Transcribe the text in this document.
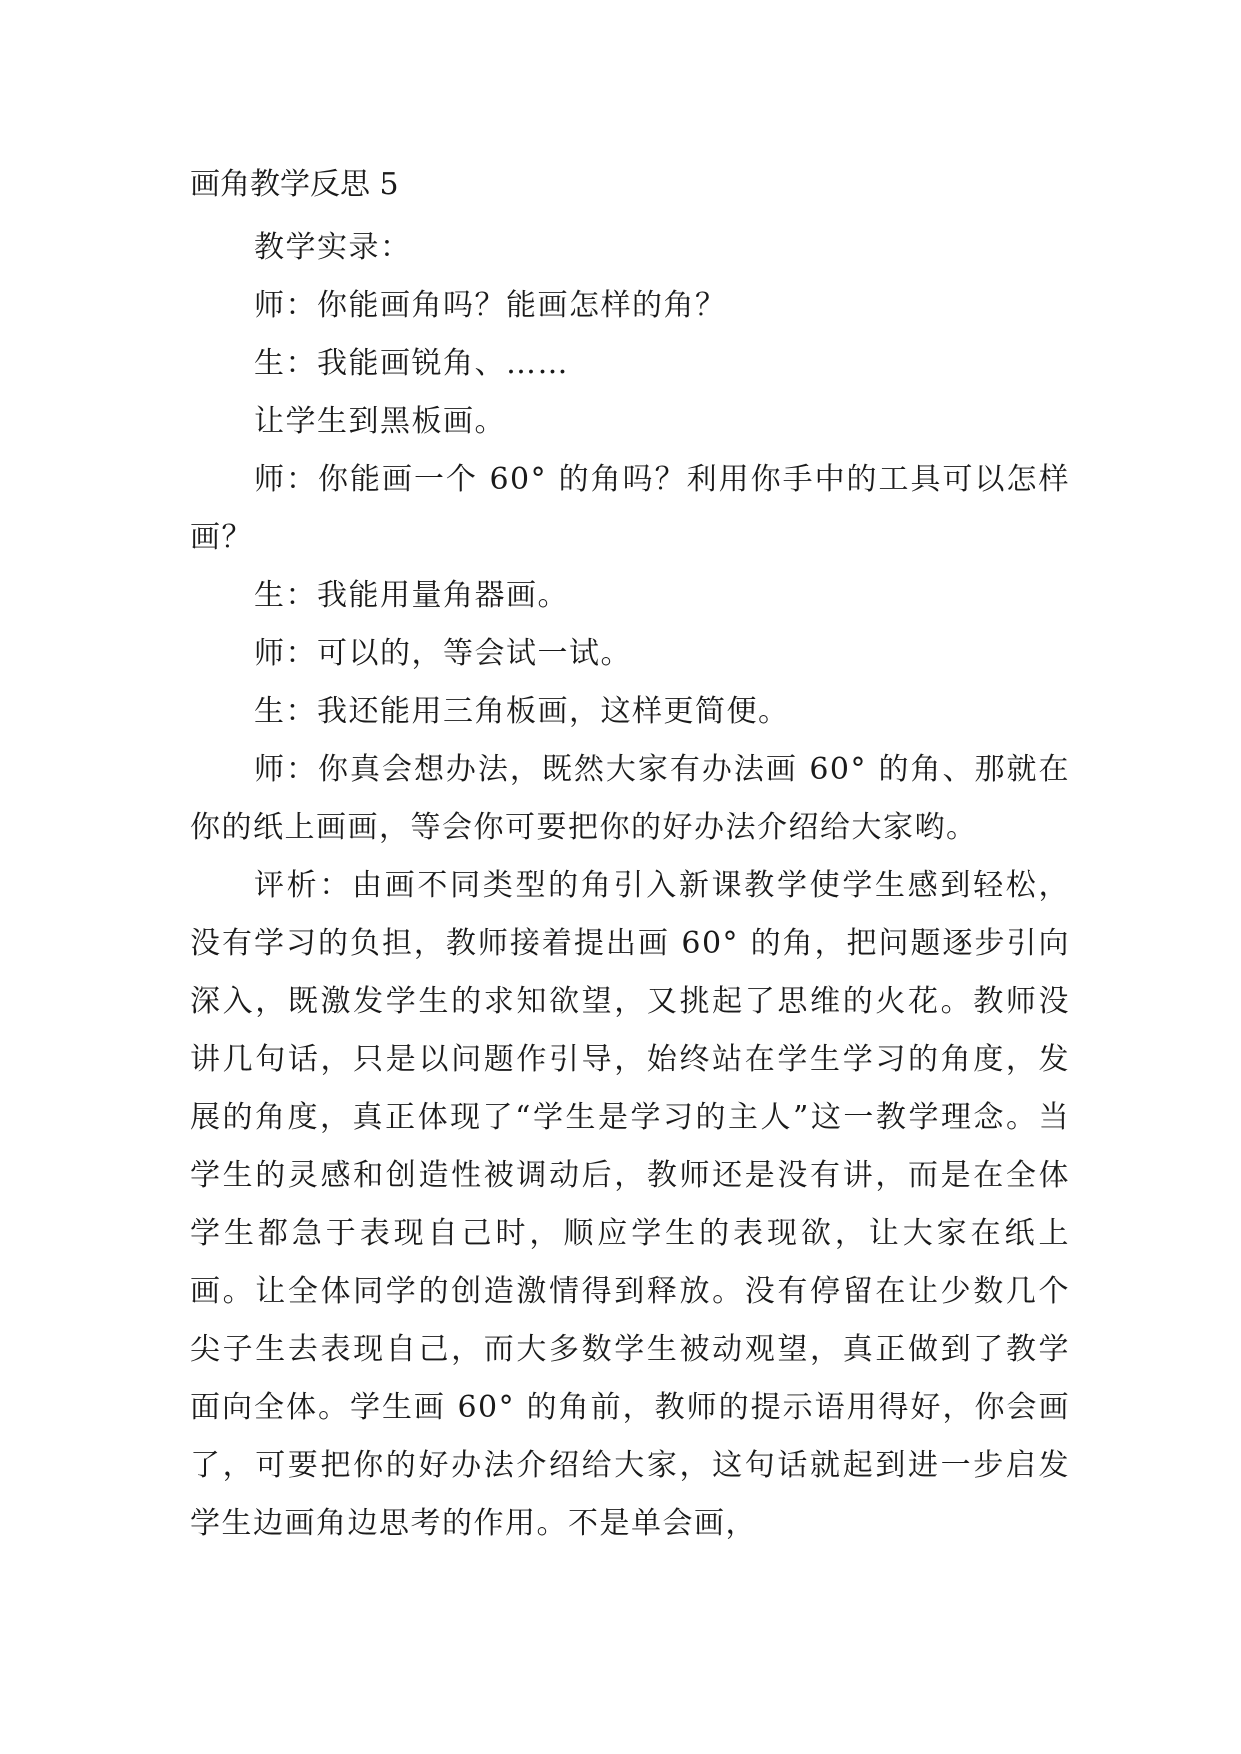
画角教学反思 5

教学实录：

师：你能画角吗？能画怎样的角？

生：我能画锐角、……

让学生到黑板画。

师：你能画一个 60° 的角吗？利用你手中的工具可以怎样画？

生：我能用量角器画。

师：可以的，等会试一试。

生：我还能用三角板画，这样更简便。

师：你真会想办法，既然大家有办法画 60° 的角、那就在你的纸上画画，等会你可要把你的好办法介绍给大家哟。

评析：由画不同类型的角引入新课教学使学生感到轻松，没有学习的负担，教师接着提出画 60° 的角，把问题逐步引向深入，既激发学生的求知欲望，又挑起了思维的火花。教师没讲几句话，只是以问题作引导，始终站在学生学习的角度，发展的角度，真正体现了“学生是学习的主人”这一教学理念。当学生的灵感和创造性被调动后，教师还是没有讲，而是在全体学生都急于表现自己时，顺应学生的表现欲，让大家在纸上画。让全体同学的创造激情得到释放。没有停留在让少数几个尖子生去表现自己，而大多数学生被动观望，真正做到了教学面向全体。学生画 60° 的角前，教师的提示语用得好，你会画了，可要把你的好办法介绍给大家，这句话就起到进一步启发学生边画角边思考的作用。不是单会画，
